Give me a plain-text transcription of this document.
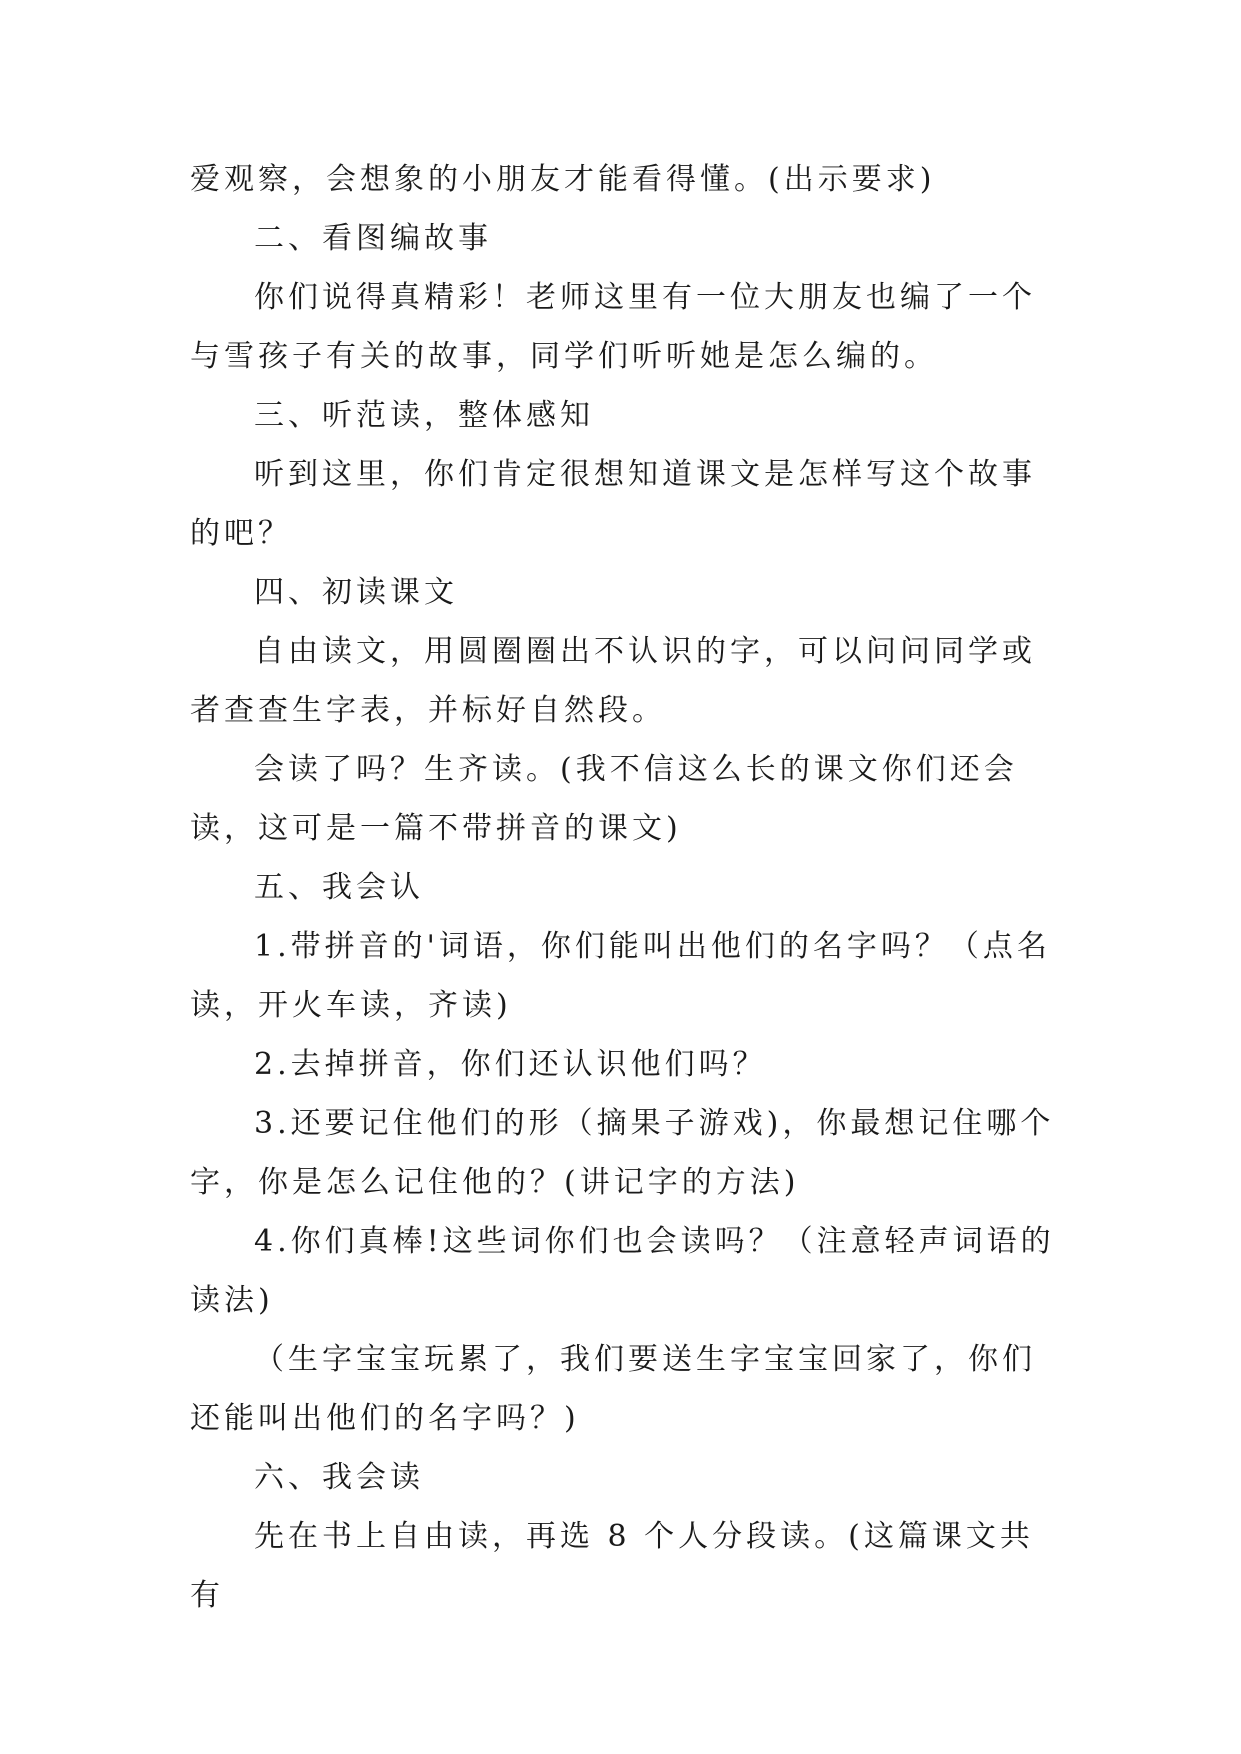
爱观察，会想象的小朋友才能看得懂。(出示要求)

二、看图编故事

你们说得真精彩！老师这里有一位大朋友也编了一个与雪孩子有关的故事，同学们听听她是怎么编的。

三、听范读，整体感知

听到这里，你们肯定很想知道课文是怎样写这个故事的吧？

四、初读课文

自由读文，用圆圈圈出不认识的字，可以问问同学或者查查生字表，并标好自然段。

会读了吗？生齐读。(我不信这么长的课文你们还会读，这可是一篇不带拼音的课文)

五、我会认

1.带拼音的'词语，你们能叫出他们的名字吗？（点名读，开火车读，齐读)

2.去掉拼音，你们还认识他们吗？

3.还要记住他们的形（摘果子游戏)，你最想记住哪个字，你是怎么记住他的？(讲记字的方法)

4.你们真棒!这些词你们也会读吗？（注意轻声词语的读法)

（生字宝宝玩累了，我们要送生字宝宝回家了，你们还能叫出他们的名字吗？)

六、我会读

先在书上自由读，再选 8 个人分段读。(这篇课文共有
